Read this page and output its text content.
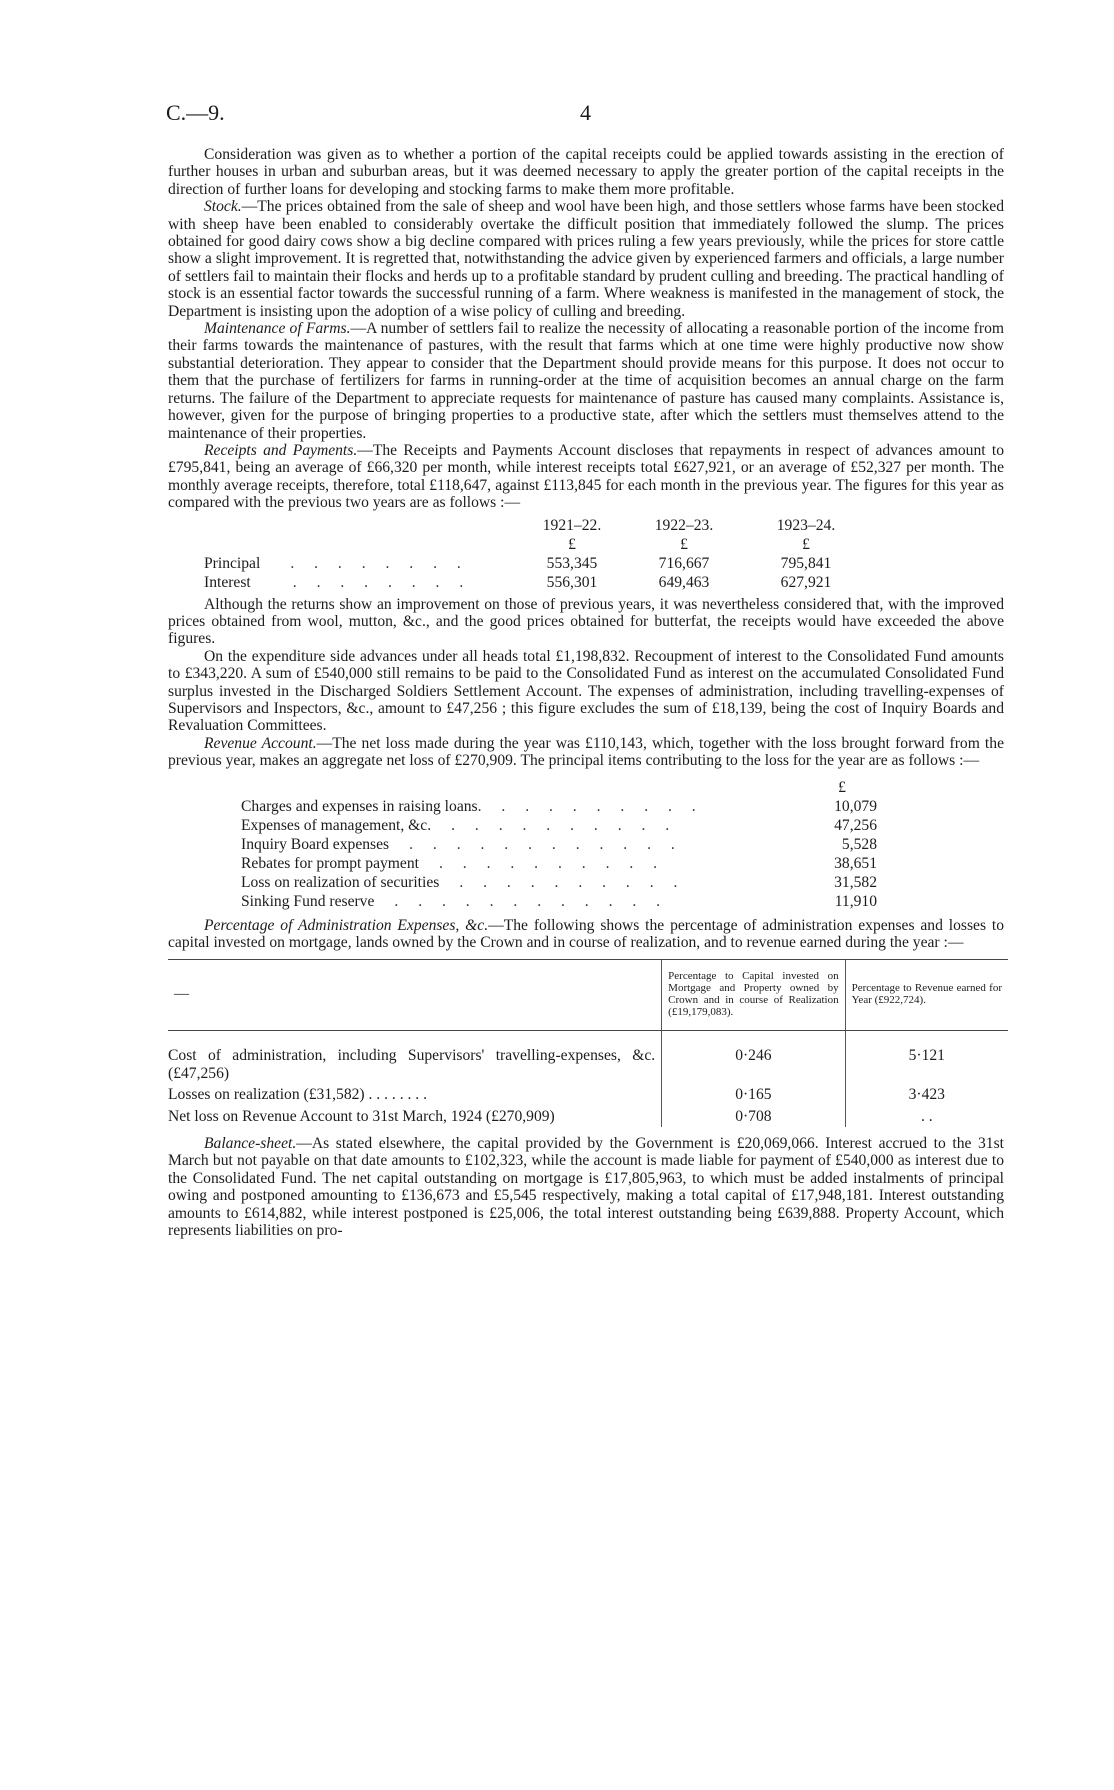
C.—9.	4

Consideration was given as to whether a portion of the capital receipts could be applied towards assisting in the erection of further houses in urban and suburban areas, but it was deemed necessary to apply the greater portion of the capital receipts in the direction of further loans for developing and stocking farms to make them more profitable.

Stock.—The prices obtained from the sale of sheep and wool have been high, and those settlers whose farms have been stocked with sheep have been enabled to considerably overtake the difficult position that immediately followed the slump. The prices obtained for good dairy cows show a big decline compared with prices ruling a few years previously, while the prices for store cattle show a slight improvement. It is regretted that, notwithstanding the advice given by experienced farmers and officials, a large number of settlers fail to maintain their flocks and herds up to a profitable standard by prudent culling and breeding. The practical handling of stock is an essential factor towards the successful running of a farm. Where weakness is manifested in the management of stock, the Department is insisting upon the adoption of a wise policy of culling and breeding.

Maintenance of Farms.—A number of settlers fail to realize the necessity of allocating a reasonable portion of the income from their farms towards the maintenance of pastures, with the result that farms which at one time were highly productive now show substantial deterioration. They appear to consider that the Department should provide means for this purpose. It does not occur to them that the purchase of fertilizers for farms in running-order at the time of acquisition becomes an annual charge on the farm returns. The failure of the Department to appreciate requests for maintenance of pasture has caused many complaints. Assistance is, however, given for the purpose of bringing properties to a productive state, after which the settlers must themselves attend to the maintenance of their properties.

Receipts and Payments.—The Receipts and Payments Account discloses that repayments in respect of advances amount to £795,841, being an average of £66,320 per month, while interest receipts total £627,921, or an average of £52,327 per month. The monthly average receipts, therefore, total £118,647, against £113,845 for each month in the previous year. The figures for this year as compared with the previous two years are as follows :—

	1921–22.	1922–23.	1923–24.
	£	£	£
Principal . . . . . . . .	553,345	716,667	795,841
Interest . . . . . . . .	556,301	649,463	627,921

Although the returns show an improvement on those of previous years, it was nevertheless considered that, with the improved prices obtained from wool, mutton, &c., and the good prices obtained for butterfat, the receipts would have exceeded the above figures.

On the expenditure side advances under all heads total £1,198,832. Recoupment of interest to the Consolidated Fund amounts to £343,220. A sum of £540,000 still remains to be paid to the Consolidated Fund as interest on the accumulated Consolidated Fund surplus invested in the Discharged Soldiers Settlement Account. The expenses of administration, including travelling-expenses of Supervisors and Inspectors, &c., amount to £47,256 ; this figure excludes the sum of £18,139, being the cost of Inquiry Boards and Revaluation Committees.

Revenue Account.—The net loss made during the year was £110,143, which, together with the loss brought forward from the previous year, makes an aggregate net loss of £270,909. The principal items contributing to the loss for the year are as follows :—

	£
Charges and expenses in raising loans. . . . . . . . . .	10,079
Expenses of management, &c. . . . . . . . . . .	47,256
Inquiry Board expenses . . . . . . . . . . . .	5,528
Rebates for prompt payment . . . . . . . . . .	38,651
Loss on realization of securities . . . . . . . . . .	31,582
Sinking Fund reserve . . . . . . . . . . . .	11,910

Percentage of Administration Expenses, &c.—The following shows the percentage of administration expenses and losses to capital invested on mortgage, lands owned by the Crown and in course of realization, and to revenue earned during the year :—

—	Percentage to Capital invested on Mortgage and Property owned by Crown and in course of Realization (£19,179,083).	Percentage to Revenue earned for Year (£922,724).

Cost of administration, including Supervisors' travelling-expenses, &c. (£47,256)	0·246	5·121
Losses on realization (£31,582) . . . . . . . .	0·165	3·423
Net loss on Revenue Account to 31st March, 1924 (£270,909)	0·708	. .

Balance-sheet.—As stated elsewhere, the capital provided by the Government is £20,069,066. Interest accrued to the 31st March but not payable on that date amounts to £102,323, while the account is made liable for payment of £540,000 as interest due to the Consolidated Fund. The net capital outstanding on mortgage is £17,805,963, to which must be added instalments of principal owing and postponed amounting to £136,673 and £5,545 respectively, making a total capital of £17,948,181. Interest outstanding amounts to £614,882, while interest postponed is £25,006, the total interest outstanding being £639,888. Property Account, which represents liabilities on pro-
